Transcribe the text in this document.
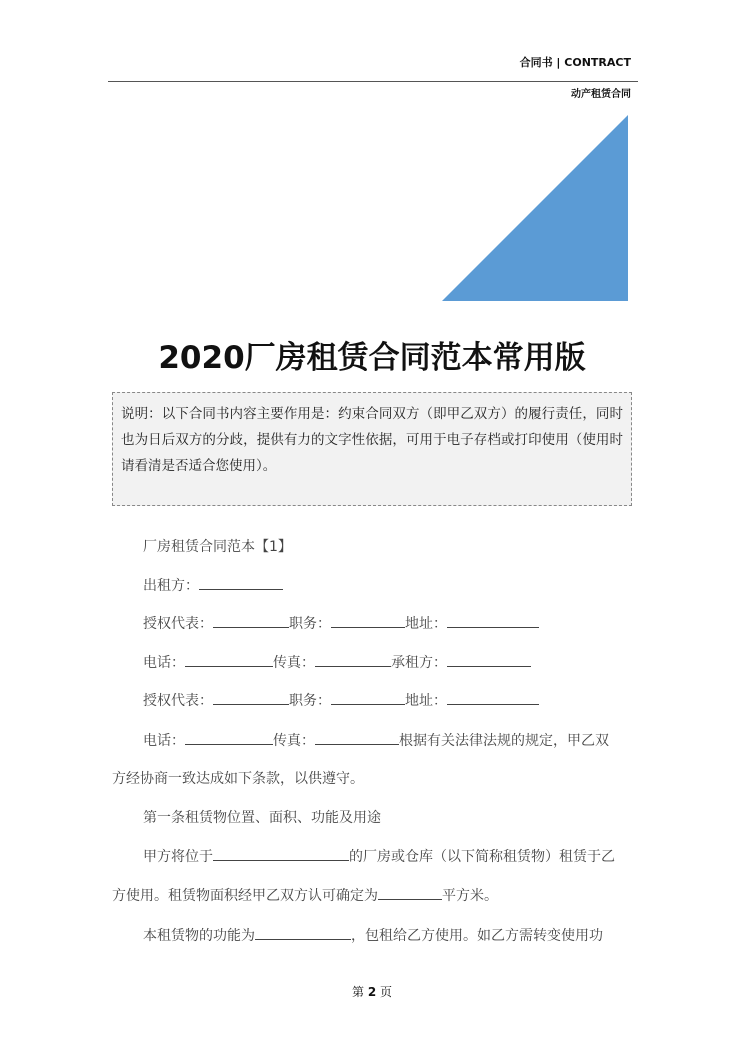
合同书 | CONTRACT
动产租赁合同
2020厂房租赁合同范本常用版
说明：以下合同书内容主要作用是：约束合同双方（即甲乙双方）的履行责任，同时也为日后双方的分歧，提供有力的文字性依据，可用于电子存档或打印使用（使用时请看清是否适合您使用）。
厂房租赁合同范本【1】
出租方：
授权代表：	职务：	地址：
电话：	传真：	承租方：
授权代表：	职务：	地址：
电话：	传真：	根据有关法律法规的规定，甲乙双
方经协商一致达成如下条款，以供遵守。
第一条租赁物位置、面积、功能及用途
甲方将位于	的厂房或仓库（以下简称租赁物）租赁于乙
方使用。租赁物面积经甲乙双方认可确定为	平方米。
本租赁物的功能为	，包租给乙方使用。如乙方需转变使用功
第 2 页
